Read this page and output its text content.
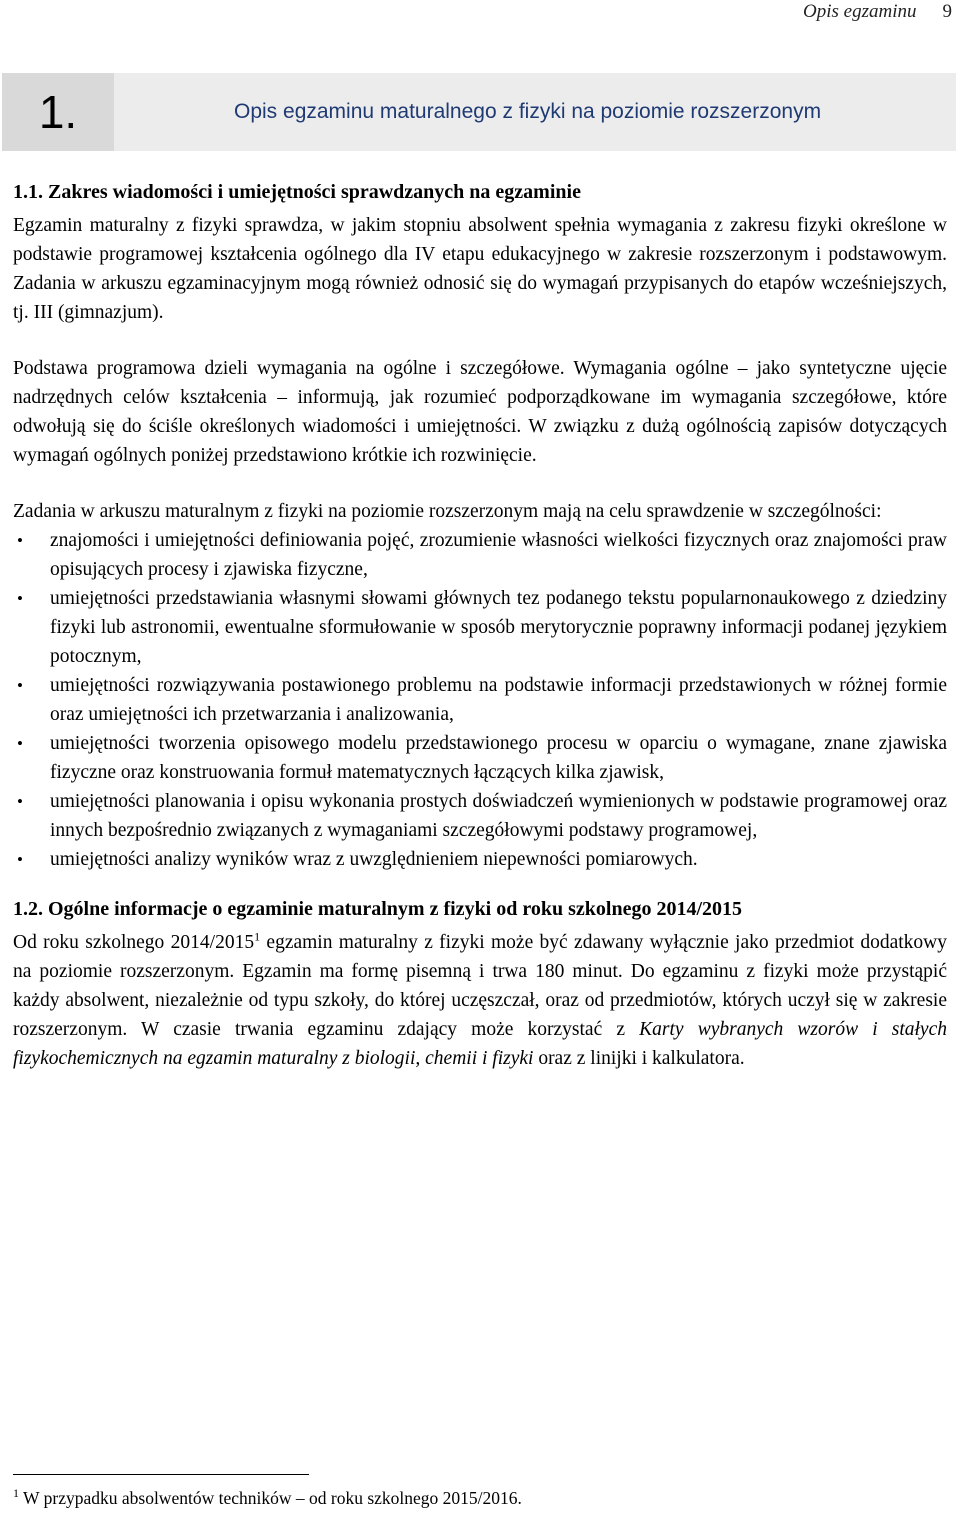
Opis egzaminu 9
1.	Opis egzaminu maturalnego z fizyki na poziomie rozszerzonym
1.1. Zakres wiadomości i umiejętności sprawdzanych na egzaminie

Egzamin maturalny z fizyki sprawdza, w jakim stopniu absolwent spełnia wymagania z zakresu fizyki określone w podstawie programowej kształcenia ogólnego dla IV etapu edukacyjnego w zakresie rozszerzonym i podstawowym. Zadania w arkuszu egzaminacyjnym mogą również odnosić się do wymagań przypisanych do etapów wcześniejszych, tj. III (gimnazjum).

Podstawa programowa dzieli wymagania na ogólne i szczegółowe. Wymagania ogólne – jako syntetyczne ujęcie nadrzędnych celów kształcenia – informują, jak rozumieć podporządkowane im wymagania szczegółowe, które odwołują się do ściśle określonych wiadomości i umiejętności. W związku z dużą ogólnością zapisów dotyczących wymagań ogólnych poniżej przedstawiono krótkie ich rozwinięcie.

Zadania w arkuszu maturalnym z fizyki na poziomie rozszerzonym mają na celu sprawdzenie w szczególności:

• znajomości i umiejętności definiowania pojęć, zrozumienie własności wielkości fizycznych oraz znajomości praw opisujących procesy i zjawiska fizyczne,
• umiejętności przedstawiania własnymi słowami głównych tez podanego tekstu popularnonaukowego z dziedziny fizyki lub astronomii, ewentualne sformułowanie w sposób merytorycznie poprawny informacji podanej językiem potocznym,
• umiejętności rozwiązywania postawionego problemu na podstawie informacji przedstawionych w różnej formie oraz umiejętności ich przetwarzania i analizowania,
• umiejętności tworzenia opisowego modelu przedstawionego procesu w oparciu o wymagane, znane zjawiska fizyczne oraz konstruowania formuł matematycznych łączących kilka zjawisk,
• umiejętności planowania i opisu wykonania prostych doświadczeń wymienionych w podstawie programowej oraz innych bezpośrednio związanych z wymaganiami szczegółowymi podstawy programowej,
• umiejętności analizy wyników wraz z uwzględnieniem niepewności pomiarowych.
1.2. Ogólne informacje o egzaminie maturalnym z fizyki od roku szkolnego 2014/2015

Od roku szkolnego 2014/2015$^1$ egzamin maturalny z fizyki może być zdawany wyłącznie jako przedmiot dodatkowy na poziomie rozszerzonym. Egzamin ma formę pisemną i trwa 180 minut. Do egzaminu z fizyki może przystąpić każdy absolwent, niezależnie od typu szkoły, do której uczęszczał, oraz od przedmiotów, których uczył się w zakresie rozszerzonym. W czasie trwania egzaminu zdający może korzystać z Karty wybranych wzorów i stałych fizykochemicznych na egzamin maturalny z biologii, chemii i fizyki oraz z linijki i kalkulatora.

$^1$ W przypadku absolwentów techników – od roku szkolnego 2015/2016.
